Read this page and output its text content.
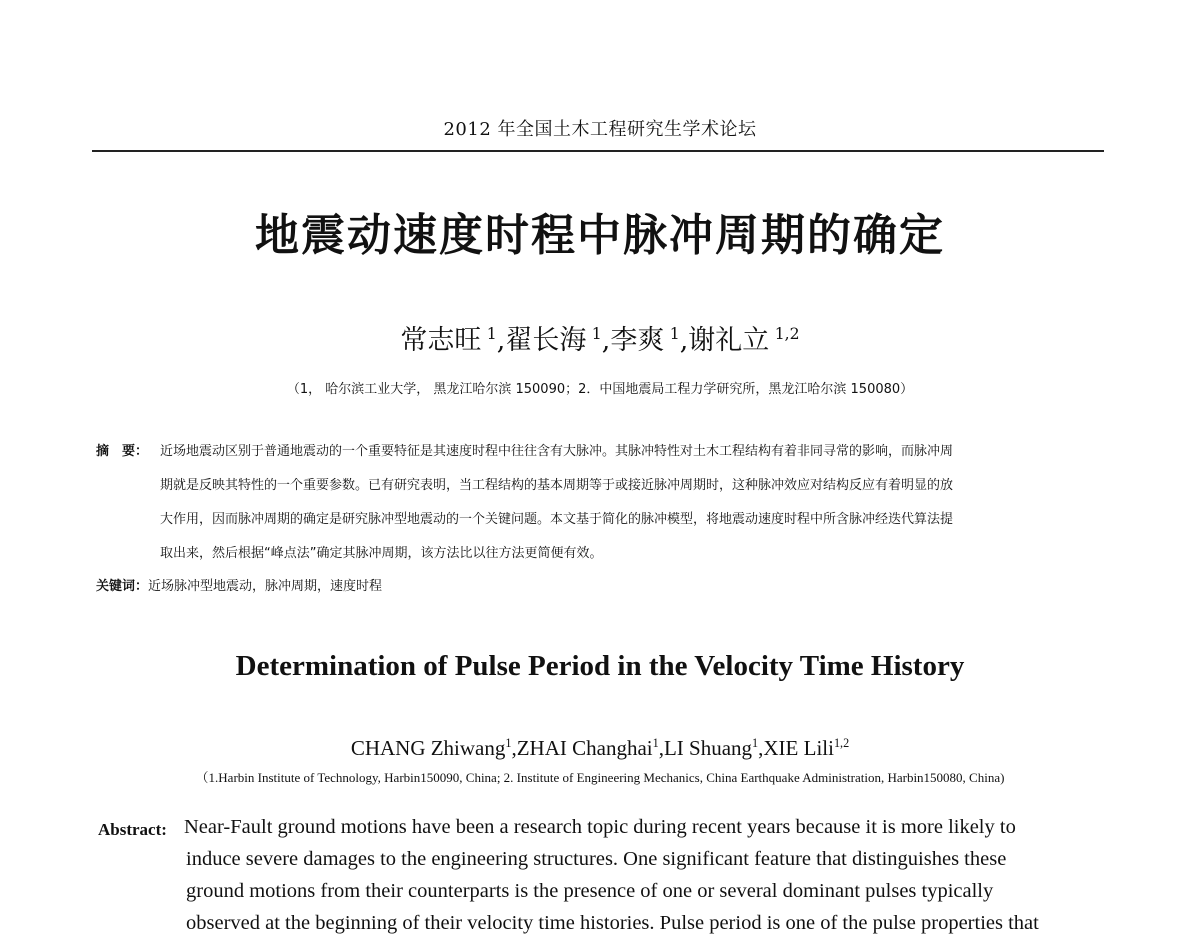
2012 年全国土木工程研究生学术论坛
地震动速度时程中脉冲周期的确定
常志旺  $^1$,翟长海  $^1$,李爽  $^1$,谢礼立  $^{1,2}$
（1， 哈尔滨工业大学， 黑龙江哈尔滨 150090；2．中国地震局工程力学研究所，黑龙江哈尔滨 150080）
摘　要： 近场地震动区别于普通地震动的一个重要特征是其速度时程中往往含有大脉冲。其脉冲特性对土木工程结构有着非同寻常的影响，而脉冲周
期就是反映其特性的一个重要参数。已有研究表明，当工程结构的基本周期等于或接近脉冲周期时，这种脉冲效应对结构反应有着明显的放
大作用，因而脉冲周期的确定是研究脉冲型地震动的一个关键问题。本文基于简化的脉冲模型，将地震动速度时程中所含脉冲经迭代算法提
取出来，然后根据“峰点法”确定其脉冲周期，该方法比以往方法更简便有效。
关键词：近场脉冲型地震动，脉冲周期，速度时程
Determination of Pulse Period in the Velocity Time History
CHANG Zhiwang$^1$,ZHAI Changhai$^1$,LI Shuang$^1$,XIE Lili$^{1,2}$
（1.Harbin Institute of Technology, Harbin150090, China; 2. Institute of Engineering Mechanics, China Earthquake Administration, Harbin150080, China)
Abstract: Near-Fault ground motions have been a research topic during recent years because it is more likely to
induce severe damages to the engineering structures. One significant feature that distinguishes these
ground motions from their counterparts is the presence of one or several dominant pulses typically
observed at the beginning of their velocity time histories. Pulse period is one of the pulse properties that
